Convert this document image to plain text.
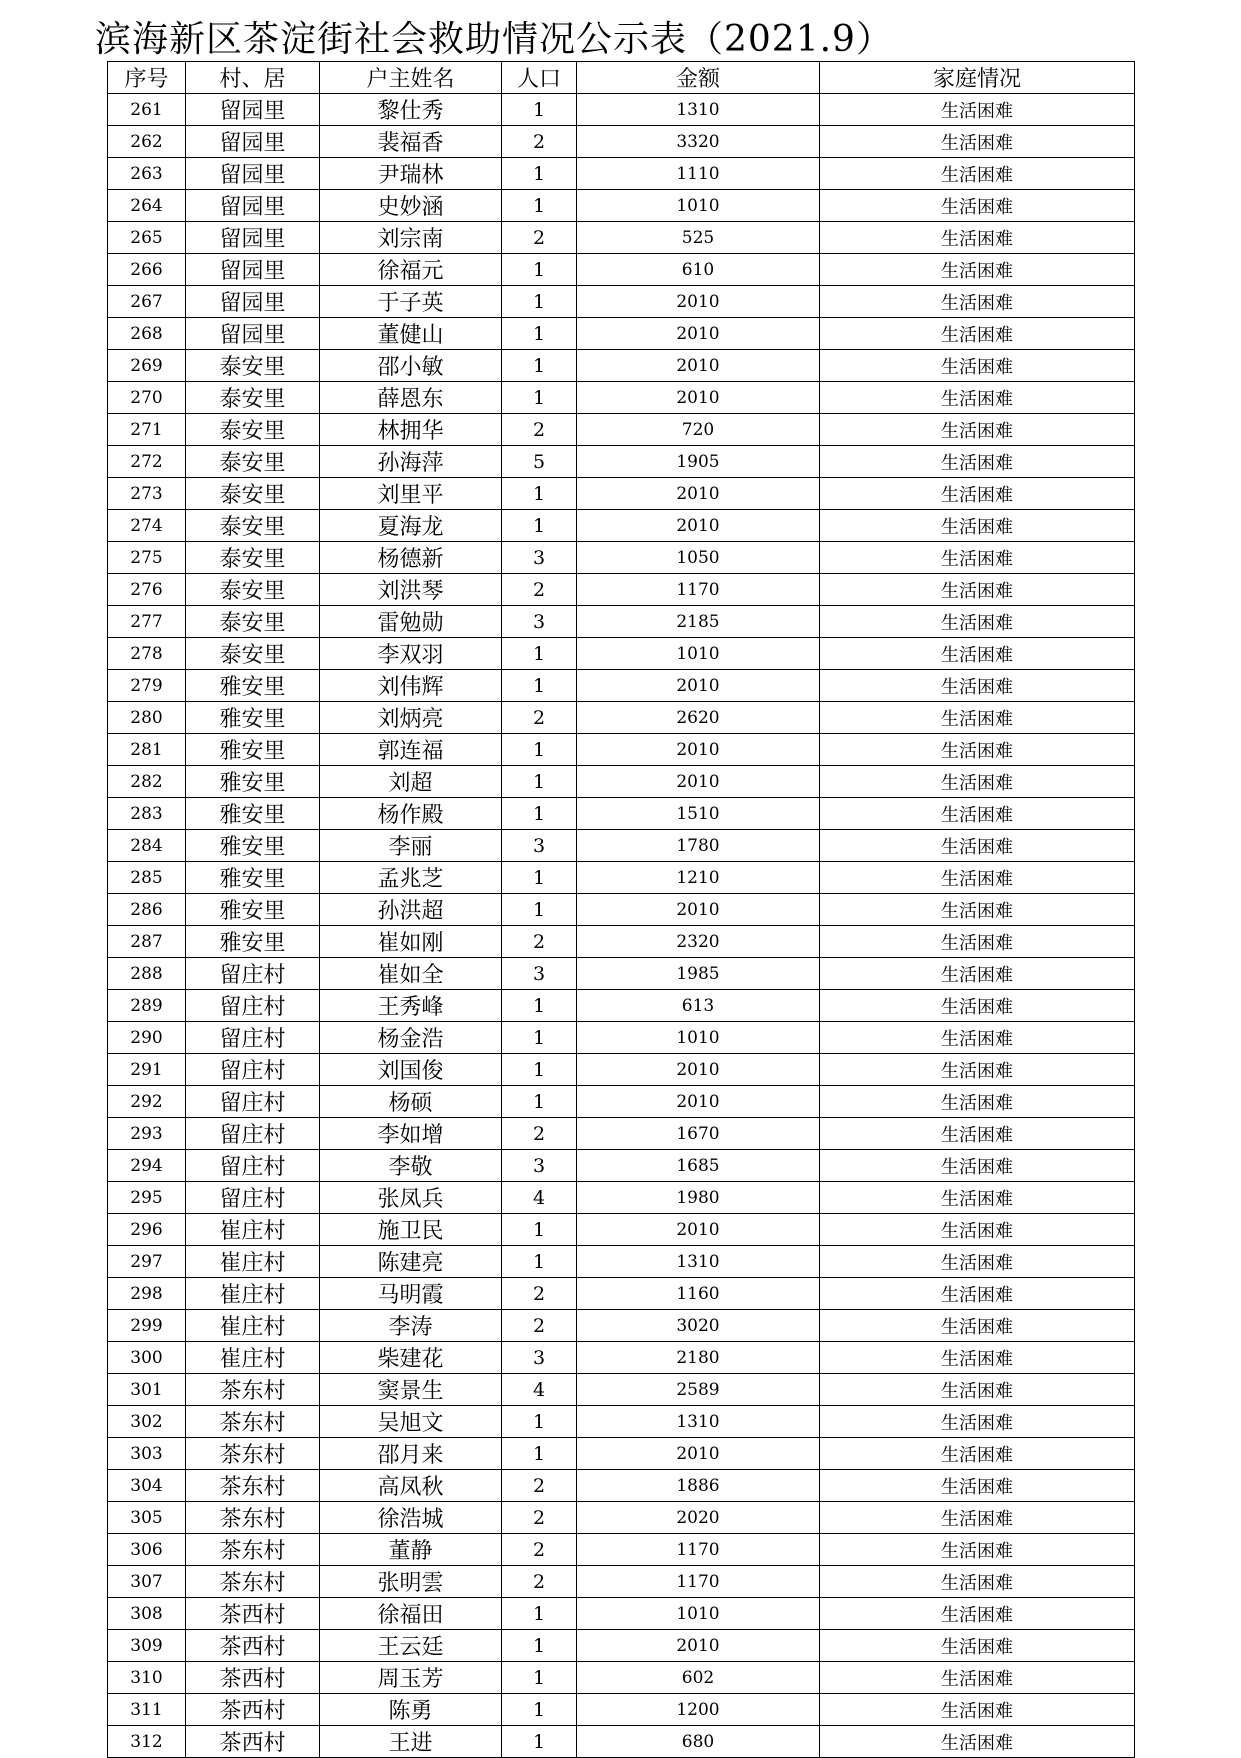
滨海新区茶淀街社会救助情况公示表（2021.9）
序号	村、居	户主姓名	人口	金额	家庭情况
261	留园里	黎仕秀	1	1310	生活困难
262	留园里	裴福香	2	3320	生活困难
263	留园里	尹瑞林	1	1110	生活困难
264	留园里	史妙涵	1	1010	生活困难
265	留园里	刘宗南	2	525	生活困难
266	留园里	徐福元	1	610	生活困难
267	留园里	于子英	1	2010	生活困难
268	留园里	董健山	1	2010	生活困难
269	泰安里	邵小敏	1	2010	生活困难
270	泰安里	薛恩东	1	2010	生活困难
271	泰安里	林拥华	2	720	生活困难
272	泰安里	孙海萍	5	1905	生活困难
273	泰安里	刘里平	1	2010	生活困难
274	泰安里	夏海龙	1	2010	生活困难
275	泰安里	杨德新	3	1050	生活困难
276	泰安里	刘洪琴	2	1170	生活困难
277	泰安里	雷勉勋	3	2185	生活困难
278	泰安里	李双羽	1	1010	生活困难
279	雅安里	刘伟辉	1	2010	生活困难
280	雅安里	刘炳亮	2	2620	生活困难
281	雅安里	郭连福	1	2010	生活困难
282	雅安里	刘超	1	2010	生活困难
283	雅安里	杨作殿	1	1510	生活困难
284	雅安里	李丽	3	1780	生活困难
285	雅安里	孟兆芝	1	1210	生活困难
286	雅安里	孙洪超	1	2010	生活困难
287	雅安里	崔如刚	2	2320	生活困难
288	留庄村	崔如全	3	1985	生活困难
289	留庄村	王秀峰	1	613	生活困难
290	留庄村	杨金浩	1	1010	生活困难
291	留庄村	刘国俊	1	2010	生活困难
292	留庄村	杨硕	1	2010	生活困难
293	留庄村	李如增	2	1670	生活困难
294	留庄村	李敬	3	1685	生活困难
295	留庄村	张凤兵	4	1980	生活困难
296	崔庄村	施卫民	1	2010	生活困难
297	崔庄村	陈建亮	1	1310	生活困难
298	崔庄村	马明霞	2	1160	生活困难
299	崔庄村	李涛	2	3020	生活困难
300	崔庄村	柴建花	3	2180	生活困难
301	茶东村	窦景生	4	2589	生活困难
302	茶东村	吴旭文	1	1310	生活困难
303	茶东村	邵月来	1	2010	生活困难
304	茶东村	高凤秋	2	1886	生活困难
305	茶东村	徐浩城	2	2020	生活困难
306	茶东村	董静	2	1170	生活困难
307	茶东村	张明雲	2	1170	生活困难
308	茶西村	徐福田	1	1010	生活困难
309	茶西村	王云廷	1	2010	生活困难
310	茶西村	周玉芳	1	602	生活困难
311	茶西村	陈勇	1	1200	生活困难
312	茶西村	王进	1	680	生活困难
